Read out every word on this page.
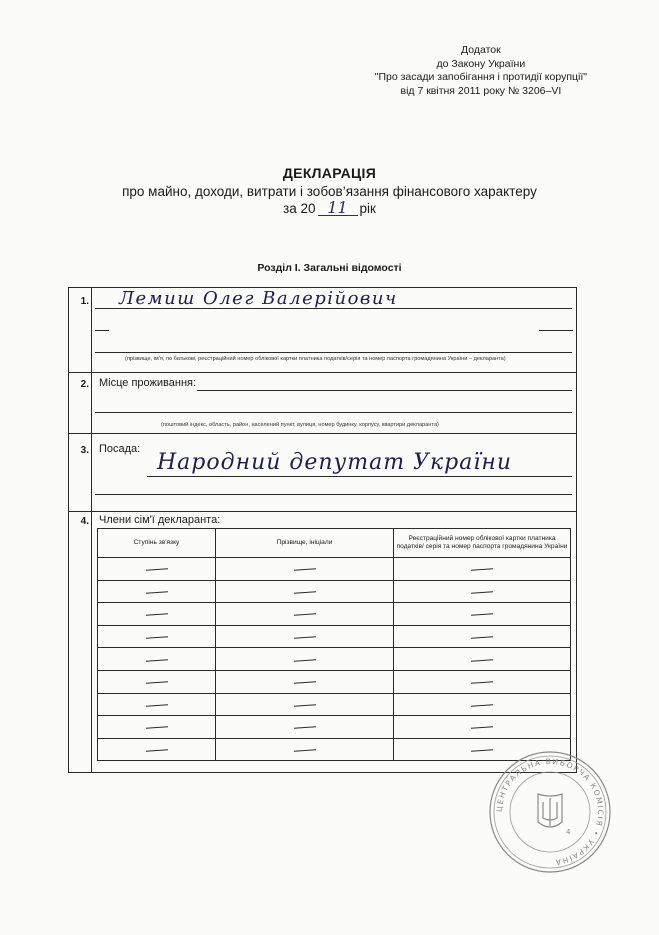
Додаток
до Закону України
"Про засади запобігання і протидії корупції"
від 7 квітня 2011 року № 3206–VI
ДЕКЛАРАЦІЯ
про майно, доходи, витрати і зобов’язання фінансового характеру
за 20 11 рік
Розділ І. Загальні відомості
1. Лемиш Олег Валерійович
(прізвище, ім'я, по батькові, реєстраційний номер облікової картки платника податків/серія та номер паспорта громадянина України – декларанта)
2. Місце проживання:
(поштовий індекс, область, район, населений пункт, вулиця, номер будинку, корпусу, квартири декларанта)
3. Посада:
Народний депутат України
4. Члени сім'ї декларанта:
Ступінь зв'язку	Прізвище, ініціали	Реєстраційний номер облікової картки платника податків/ серія та номер паспорта громадянина України

ЦЕНТРАЛЬНА ВИБОРЧА КОМІСІЯ • УКРАЇНА
4
